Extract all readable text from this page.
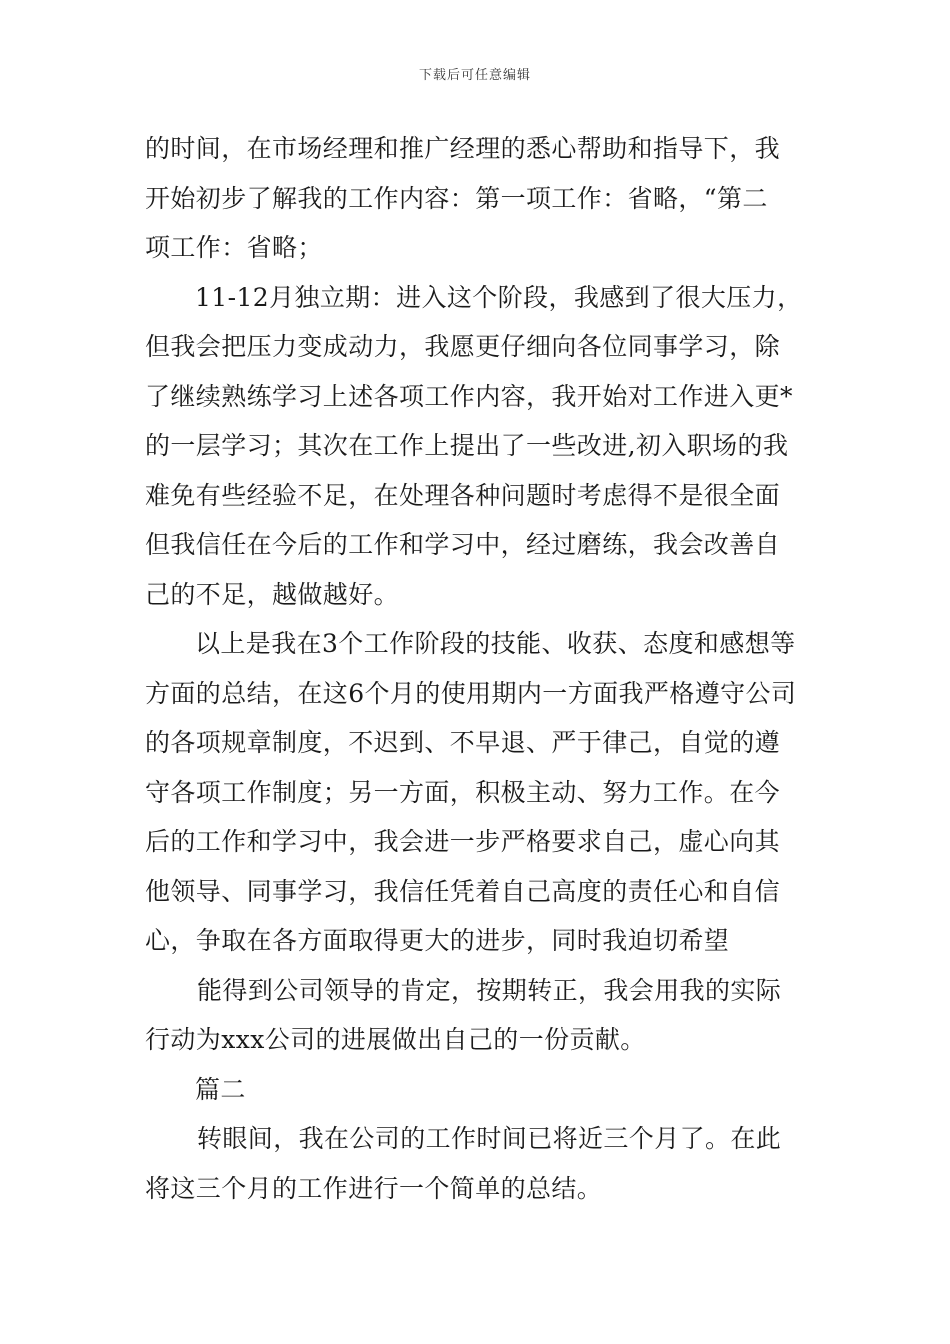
下载后可任意编辑
的时间，在市场经理和推广经理的悉心帮助和指导下，我
开始初步了解我的工作内容：第一项工作：省略，“第二
项工作：省略；
11-12月独立期：进入这个阶段，我感到了很大压力，
但我会把压力变成动力，我愿更仔细向各位同事学习，除
了继续熟练学习上述各项工作内容，我开始对工作进入更*
的一层学习；其次在工作上提出了一些改进,初入职场的我
难免有些经验不足，在处理各种问题时考虑得不是很全面
但我信任在今后的工作和学习中，经过磨练，我会改善自
己的不足，越做越好。
以上是我在3个工作阶段的技能、收获、态度和感想等
方面的总结，在这6个月的使用期内一方面我严格遵守公司
的各项规章制度，不迟到、不早退、严于律己，自觉的遵
守各项工作制度；另一方面，积极主动、努力工作。在今
后的工作和学习中，我会进一步严格要求自己，虚心向其
他领导、同事学习，我信任凭着自己高度的责任心和自信
心，争取在各方面取得更大的进步，同时我迫切希望
能得到公司领导的肯定，按期转正，我会用我的实际
行动为xxx公司的进展做出自己的一份贡献。
篇二
转眼间，我在公司的工作时间已将近三个月了。在此
将这三个月的工作进行一个简单的总结。
